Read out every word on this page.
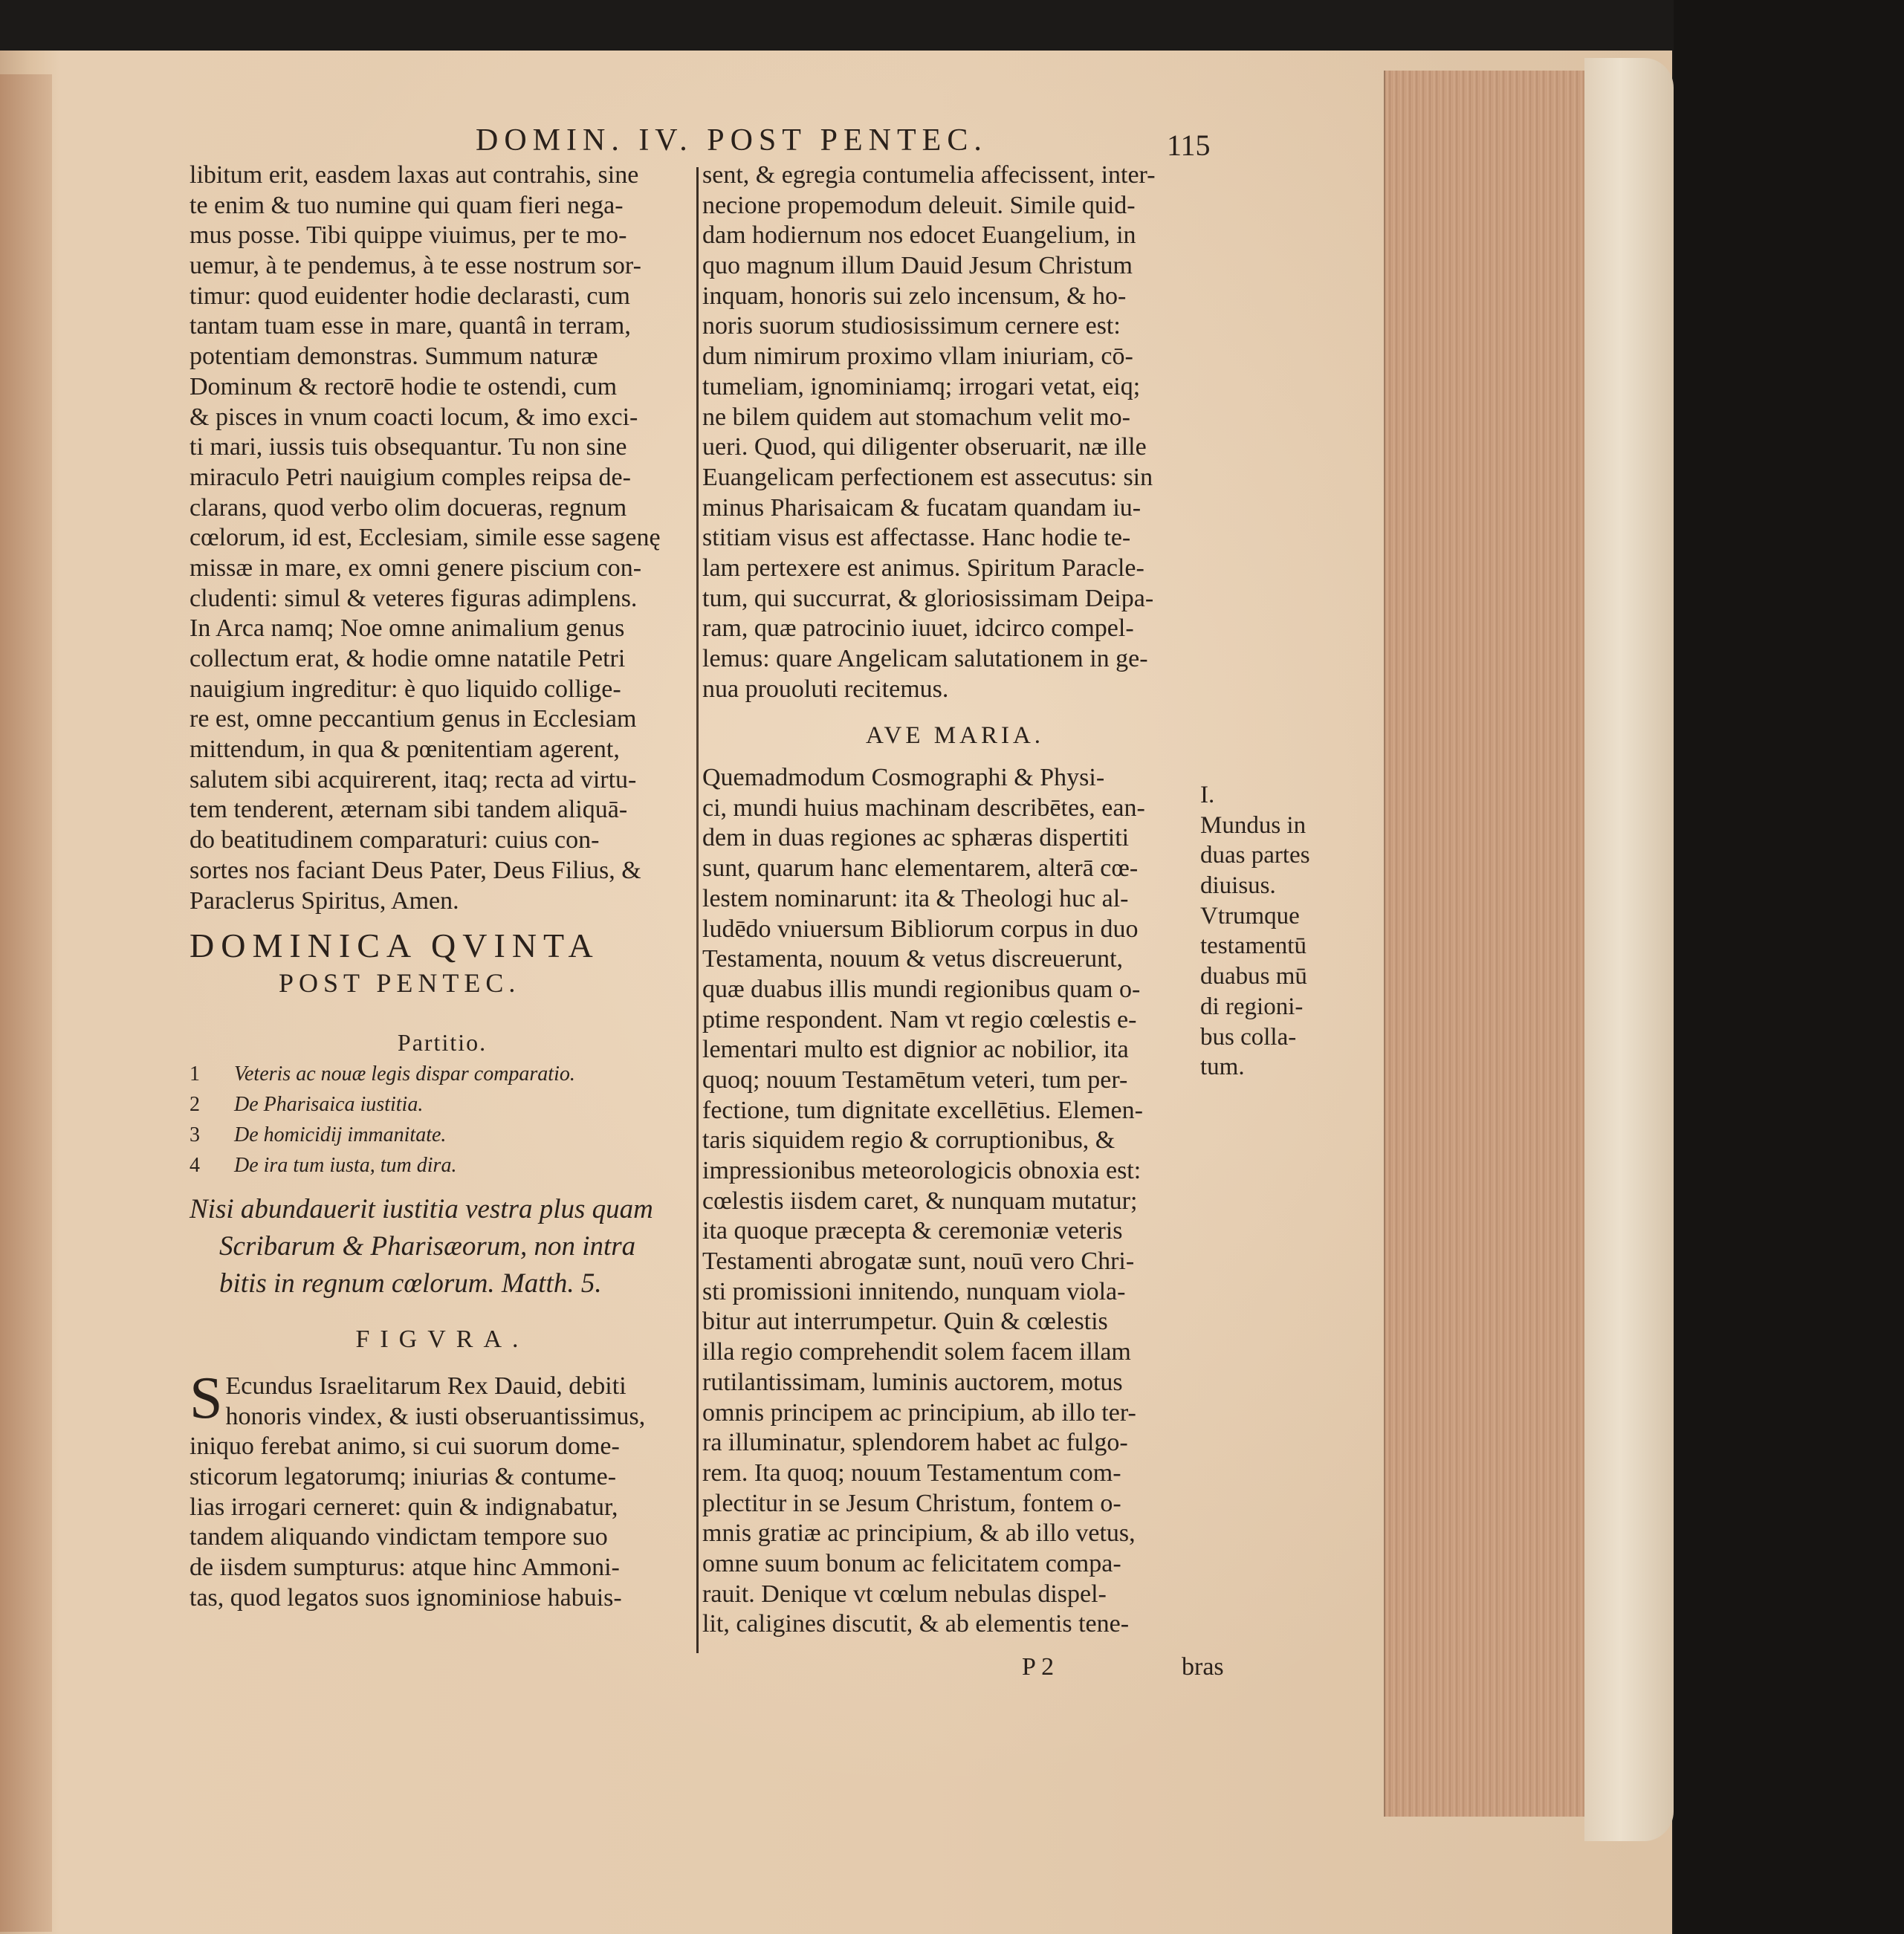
DOMIN. IV. POST PENTEC.	115
libitum erit, easdem laxas aut contrahis, sine
te enim & tuo numine qui quam fieri nega-
mus posse. Tibi quippe viuimus, per te mo-
uemur, à te pendemus, à te esse nostrum sor-
timur: quod euidenter hodie declarasti, cum
tantam tuam esse in mare, quantâ in terram,
potentiam demonstras. Summum naturæ
Dominum & rectorē hodie te ostendi, cum
& pisces in vnum coacti locum, & imo exci-
ti mari, iussis tuis obsequantur. Tu non sine
miraculo Petri nauigium comples reipsa de-
clarans, quod verbo olim docueras, regnum
cœlorum, id est, Ecclesiam, simile esse sagenę
missæ in mare, ex omni genere piscium con-
cludenti: simul & veteres figuras adimplens.
In Arca namq; Noe omne animalium genus
collectum erat, & hodie omne natatile Petri
nauigium ingreditur: è quo liquido collige-
re est, omne peccantium genus in Ecclesiam
mittendum, in qua & pœnitentiam agerent,
salutem sibi acquirerent, itaq; recta ad virtu-
tem tenderent, æternam sibi tandem aliquā-
do beatitudinem comparaturi: cuius con-
sortes nos faciant Deus Pater, Deus Filius, &
Paraclerus Spiritus, Amen.
DOMINICA QVINTA
POST PENTEC.
Partitio.
1 Veteris ac nouæ legis dispar comparatio.
2 De Pharisaica iustitia.
3 De homicidij immanitate.
4 De ira tum iusta, tum dira.
Nisi abundauerit iustitia vestra plus quam
Scribarum & Pharisæorum, non intra
bitis in regnum cœlorum. Matth. 5.
FIGVRA.
S Ecundus Israelitarum Rex Dauid, debiti
honoris vindex, & iusti obseruantissimus,
iniquo ferebat animo, si cui suorum dome-
sticorum legatorumq; iniurias & contume-
lias irrogari cerneret: quin & indignabatur,
tandem aliquando vindictam tempore suo
de iisdem sumpturus: atque hinc Ammoni-
tas, quod legatos suos ignominiose habuis-
sent, & egregia contumelia affecissent, inter-
necione propemodum deleuit. Simile quid-
dam hodiernum nos edocet Euangelium, in
quo magnum illum Dauid Jesum Christum
inquam, honoris sui zelo incensum, & ho-
noris suorum studiosissimum cernere est:
dum nimirum proximo vllam iniuriam, cō-
tumeliam, ignominiamq; irrogari vetat, eiq;
ne bilem quidem aut stomachum velit mo-
ueri. Quod, qui diligenter obseruarit, næ ille
Euangelicam perfectionem est assecutus: sin
minus Pharisaicam & fucatam quandam iu-
stitiam visus est affectasse. Hanc hodie te-
lam pertexere est animus. Spiritum Paracle-
tum, qui succurrat, & gloriosissimam Deipa-
ram, quæ patrocinio iuuet, idcirco compel-
lemus: quare Angelicam salutationem in ge-
nua prouoluti recitemus.
AVE MARIA.
Quemadmodum Cosmographi & Physi-
ci, mundi huius machinam describētes, ean-
dem in duas regiones ac sphæras dispertiti
sunt, quarum hanc elementarem, alterā cœ-
lestem nominarunt: ita & Theologi huc al-
ludēdo vniuersum Bibliorum corpus in duo
Testamenta, nouum & vetus discreuerunt,
quæ duabus illis mundi regionibus quam o-
ptime respondent. Nam vt regio cœlestis e-
lementari multo est dignior ac nobilior, ita
quoq; nouum Testamētum veteri, tum per-
fectione, tum dignitate excellētius. Elemen-
taris siquidem regio & corruptionibus, &
impressionibus meteorologicis obnoxia est:
cœlestis iisdem caret, & nunquam mutatur;
ita quoque præcepta & ceremoniæ veteris
Testamenti abrogatæ sunt, nouū vero Chri-
sti promissioni innitendo, nunquam viola-
bitur aut interrumpetur. Quin & cœlestis
illa regio comprehendit solem facem illam
rutilantissimam, luminis auctorem, motus
omnis principem ac principium, ab illo ter-
ra illuminatur, splendorem habet ac fulgo-
rem. Ita quoq; nouum Testamentum com-
plectitur in se Jesum Christum, fontem o-
mnis gratiæ ac principium, & ab illo vetus,
omne suum bonum ac felicitatem compa-
rauit. Denique vt cœlum nebulas dispel-
lit, caligines discutit, & ab elementis tene-
I.
Mundus in
duas partes
diuisus.
Vtrumque
testamentū
duabus mū
di regioni-
bus colla-
tum.
P 2	bras
